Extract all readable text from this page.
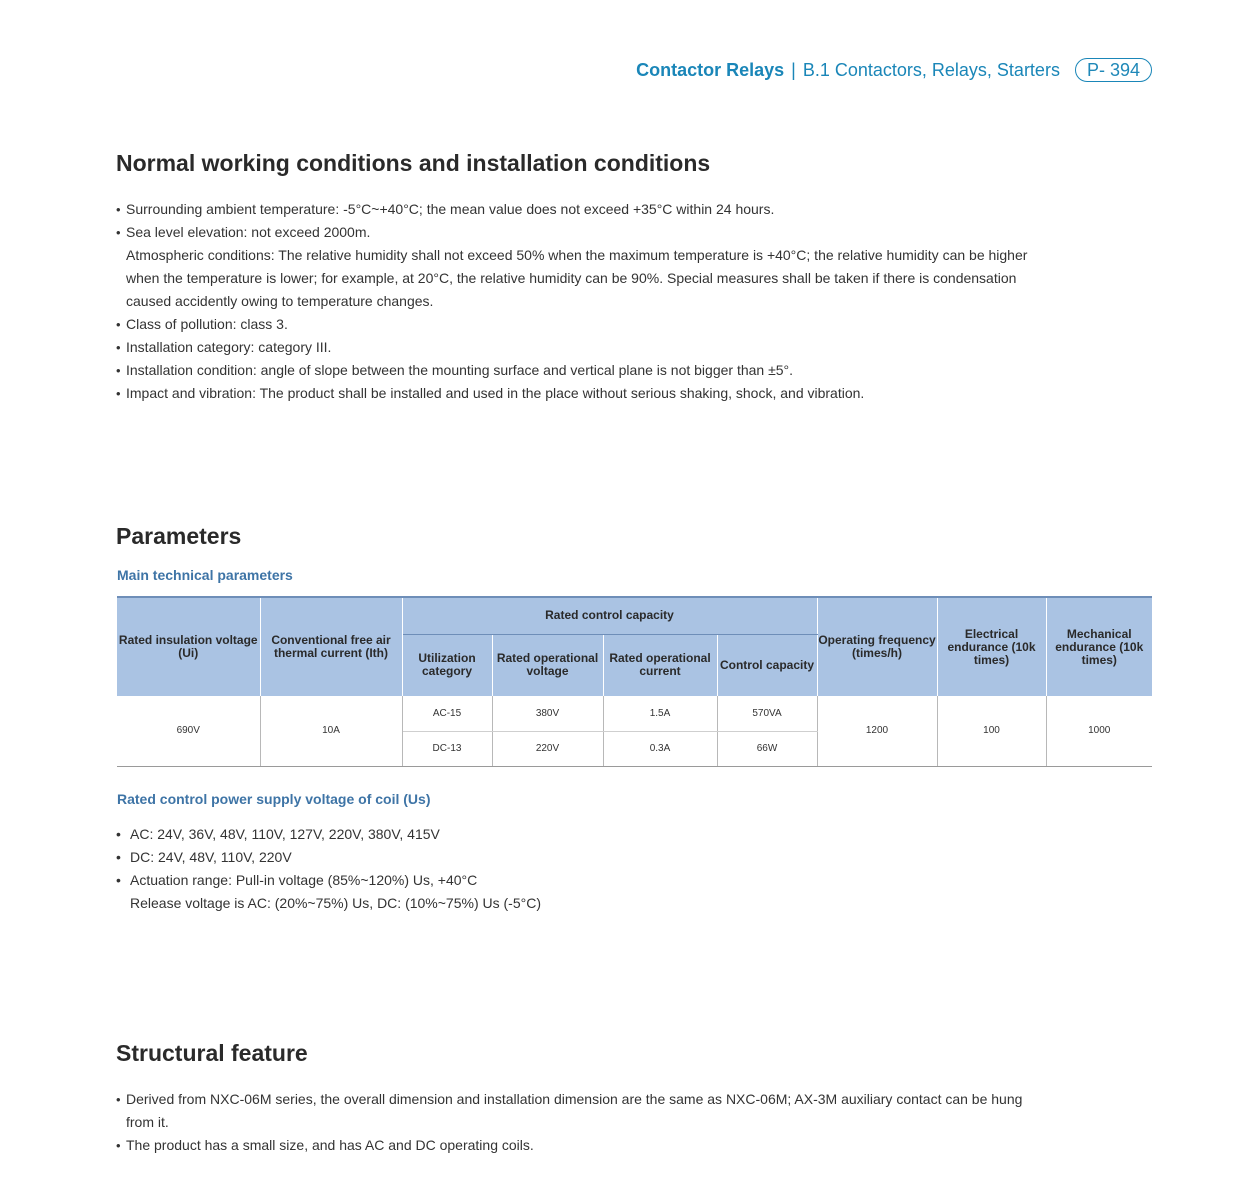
Contactor Relays | B.1 Contactors, Relays, Starters	P- 394
Normal working conditions and installation conditions
• Surrounding ambient temperature: -5°C~+40°C; the mean value does not exceed +35°C within 24 hours.
• Sea level elevation: not exceed 2000m.
Atmospheric conditions: The relative humidity shall not exceed 50% when the maximum temperature is +40°C; the relative humidity can be higher
when the temperature is lower; for example, at 20°C, the relative humidity can be 90%. Special measures shall be taken if there is condensation
caused accidently owing to temperature changes.
• Class of pollution: class 3.
• Installation category: category III.
• Installation condition: angle of slope between the mounting surface and vertical plane is not bigger than ±5°.
• Impact and vibration: The product shall be installed and used in the place without serious shaking, shock, and vibration.
Parameters
Main technical parameters
Rated insulation voltage (Ui)	Conventional free air thermal current (Ith)	Rated control capacity				Operating frequency (times/h)	Electrical endurance (10k times)	Mechanical endurance (10k times)
		Utilization category	Rated operational voltage	Rated operational current	Control capacity			
690V	10A	AC-15	380V	1.5A	570VA	1200	100	1000
		DC-13	220V	0.3A	66W			
Rated control power supply voltage of coil (Us)
• AC: 24V, 36V, 48V, 110V, 127V, 220V, 380V, 415V
• DC: 24V, 48V, 110V, 220V
• Actuation range: Pull-in voltage (85%~120%) Us, +40°C
Release voltage is AC: (20%~75%) Us, DC: (10%~75%) Us (-5°C)
Structural feature
• Derived from NXC-06M series, the overall dimension and installation dimension are the same as NXC-06M; AX-3M auxiliary contact can be hung
from it.
• The product has a small size, and has AC and DC operating coils.
